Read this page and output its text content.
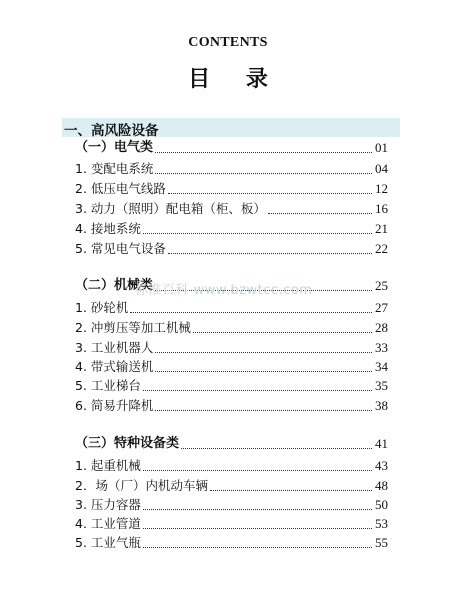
CONTENTS
目 录
一、高风险设备
（一）电气类	01
1. 变配电系统	04
2. 低压电气线路	12
3. 动力（照明）配电箱（柜、板）	16
4. 接地系统	21
5. 常见电气设备	22
（二）机械类	25
1. 砂轮机	27
2. 冲剪压等加工机械	28
3. 工业机器人	33
4. 带式输送机	34
5. 工业梯台	35
6. 简易升降机	38
（三）特种设备类	41
1. 起重机械	43
2．场（厂）内机动车辆	48
3. 压力容器	50
4. 工业管道	53
5. 工业气瓶	55
标准百科 www.bzwtcc.com
